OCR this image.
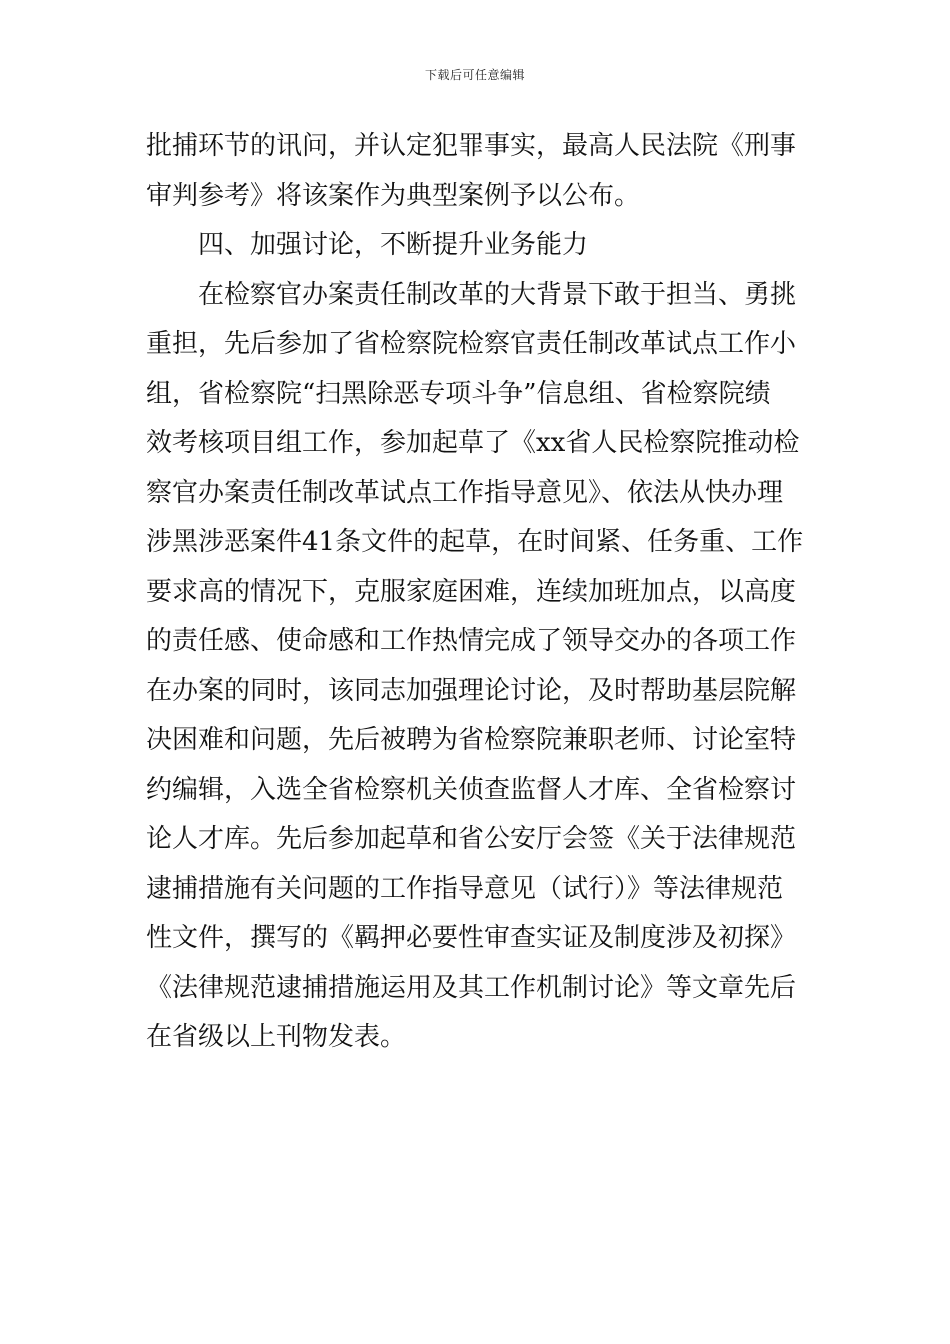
下载后可任意编辑
批捕环节的讯问，并认定犯罪事实，最高人民法院《刑事
审判参考》将该案作为典型案例予以公布。
四、加强讨论，不断提升业务能力
在检察官办案责任制改革的大背景下敢于担当、勇挑
重担，先后参加了省检察院检察官责任制改革试点工作小
组，省检察院“扫黑除恶专项斗争”信息组、省检察院绩
效考核项目组工作，参加起草了《xx省人民检察院推动检
察官办案责任制改革试点工作指导意见》、依法从快办理
涉黑涉恶案件41条文件的起草，在时间紧、任务重、工作
要求高的情况下，克服家庭困难，连续加班加点，以高度
的责任感、使命感和工作热情完成了领导交办的各项工作
在办案的同时，该同志加强理论讨论，及时帮助基层院解
决困难和问题，先后被聘为省检察院兼职老师、讨论室特
约编辑，入选全省检察机关侦查监督人才库、全省检察讨
论人才库。先后参加起草和省公安厅会签《关于法律规范
逮捕措施有关问题的工作指导意见（试行）》等法律规范
性文件，撰写的《羁押必要性审查实证及制度涉及初探》
《法律规范逮捕措施运用及其工作机制讨论》等文章先后
在省级以上刊物发表。
